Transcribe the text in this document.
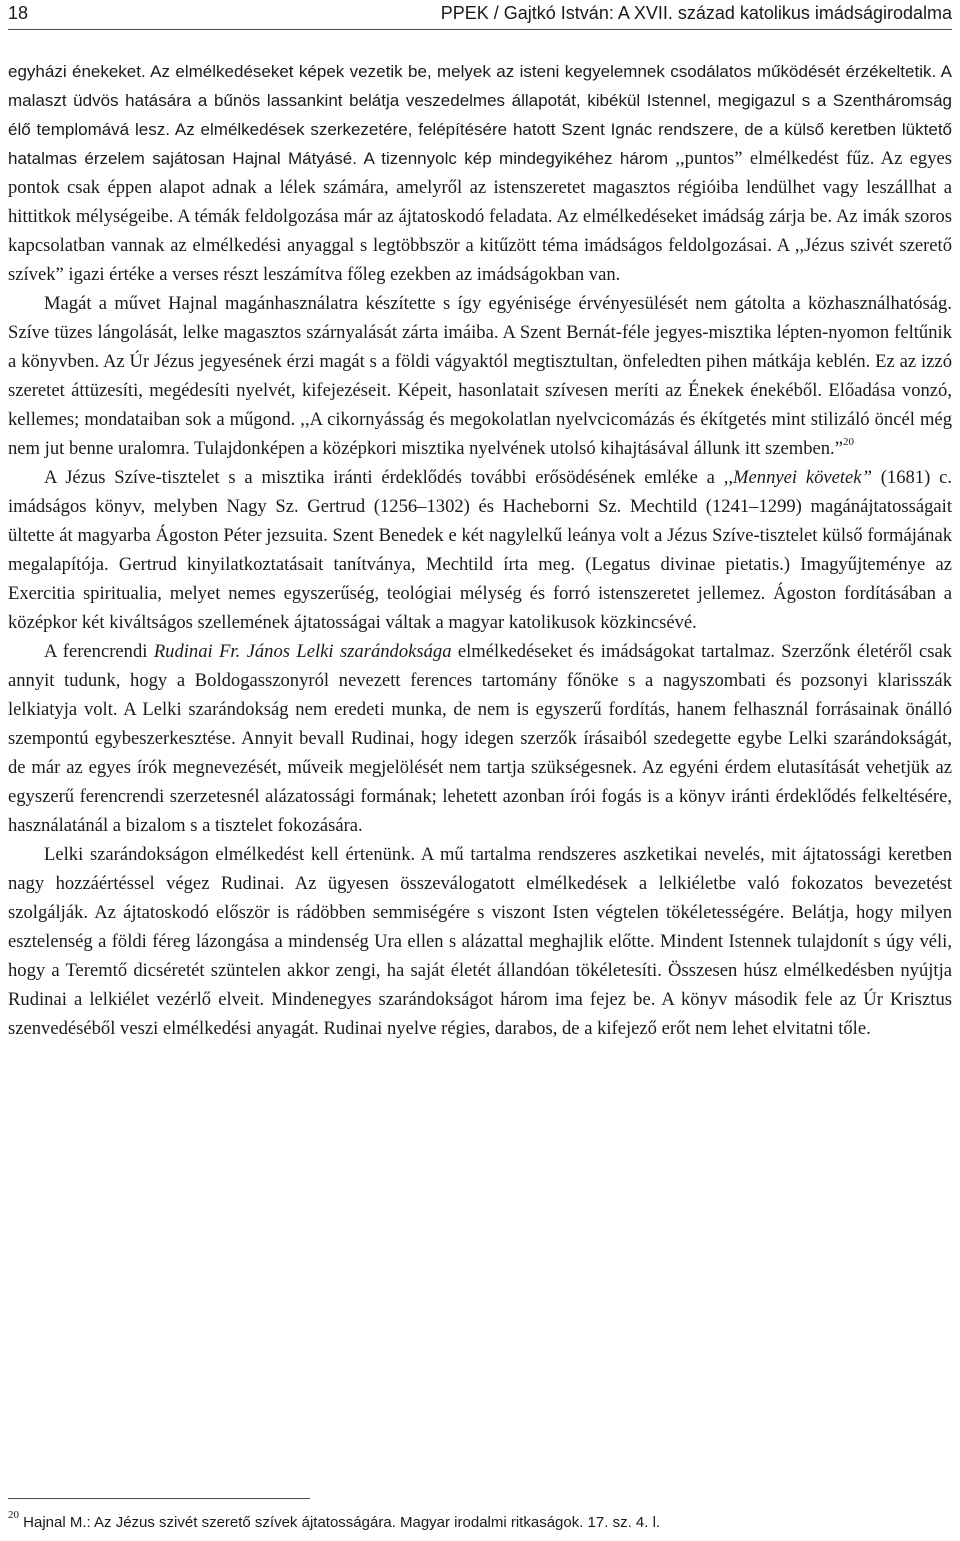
18	PPEK / Gajtkó István: A XVII. század katolikus imádságirodalma

egyházi énekeket. Az elmélkedéseket képek vezetik be, melyek az isteni kegyelemnek csodálatos működését érzékeltetik. A malaszt üdvös hatására a bűnös lassankint belátja veszedelmes állapotát, kibékül Istennel, megigazul s a Szentháromság élő templomává lesz. Az elmélkedések szerkezetére, felépítésére hatott Szent Ignác rendszere, de a külső keretben lüktető hatalmas érzelem sajátosan Hajnal Mátyásé. A tizennyolc kép mindegyikéhez három ,,puntos” elmélkedést fűz. Az egyes pontok csak éppen alapot adnak a lélek számára, amelyről az istenszeretet magasztos régióiba lendülhet vagy leszállhat a hittitkok mélységeibe. A témák feldolgozása már az ájtatoskodó feladata. Az elmélkedéseket imádság zárja be. Az imák szoros kapcsolatban vannak az elmélkedési anyaggal s legtöbbször a kitűzött téma imádságos feldolgozásai. A ,,Jézus szivét szerető szívek” igazi értéke a verses részt leszámítva főleg ezekben az imádságokban van.

Magát a művet Hajnal magánhasználatra készítette s így egyénisége érvényesülését nem gátolta a közhasználhatóság. Szíve tüzes lángolását, lelke magasztos szárnyalását zárta imáiba. A Szent Bernát-féle jegyes-misztika lépten-nyomon feltűnik a könyvben. Az Úr Jézus jegyesének érzi magát s a földi vágyaktól megtisztultan, önfeledten pihen mátkája keblén. Ez az izzó szeretet áttüzesíti, megédesíti nyelvét, kifejezéseit. Képeit, hasonlatait szívesen meríti az Énekek énekéből. Előadása vonzó, kellemes; mondataiban sok a műgond. ,,A cikornyásság és megokolatlan nyelvcicomázás és ékítgetés mint stilizáló öncél még nem jut benne uralomra. Tulajdonképen a középkori misztika nyelvének utolsó kihajtásával állunk itt szemben.”$^{20}$

A Jézus Szíve-tisztelet s a misztika iránti érdeklődés további erősödésének emléke a ,,Mennyei követek” (1681) c. imádságos könyv, melyben Nagy Sz. Gertrud (1256–1302) és Hacheborni Sz. Mechtild (1241–1299) magánájtatosságait ültette át magyarba Ágoston Péter jezsuita. Szent Benedek e két nagylelkű leánya volt a Jézus Szíve-tisztelet külső formájának megalapítója. Gertrud kinyilatkoztatásait tanítványa, Mechtild írta meg. (Legatus divinae pietatis.) Imagyűjteménye az Exercitia spiritualia, melyet nemes egyszerűség, teológiai mélység és forró istenszeretet jellemez. Ágoston fordításában a középkor két kiváltságos szellemének ájtatosságai váltak a magyar katolikusok közkincsévé.

A ferencrendi Rudinai Fr. János Lelki szarándoksága elmélkedéseket és imádságokat tartalmaz. Szerzőnk életéről csak annyit tudunk, hogy a Boldogasszonyról nevezett ferences tartomány főnöke s a nagyszombati és pozsonyi klarisszák lelkiatyja volt. A Lelki szarándokság nem eredeti munka, de nem is egyszerű fordítás, hanem felhasznál forrásainak önálló szempontú egybeszerkesztése. Annyit bevall Rudinai, hogy idegen szerzők írásaiból szedegette egybe Lelki szarándokságát, de már az egyes írók megnevezését, műveik megjelölését nem tartja szükségesnek. Az egyéni érdem elutasítását vehetjük az egyszerű ferencrendi szerzetesnél alázatossági formának; lehetett azonban írói fogás is a könyv iránti érdeklődés felkeltésére, használatánál a bizalom s a tisztelet fokozására.

Lelki szarándokságon elmélkedést kell értenünk. A mű tartalma rendszeres aszketikai nevelés, mit ájtatossági keretben nagy hozzáértéssel végez Rudinai. Az ügyesen összeválogatott elmélkedések a lelkiéletbe való fokozatos bevezetést szolgálják. Az ájtatoskodó először is rádöbben semmiségére s viszont Isten végtelen tökéletességére. Belátja, hogy milyen esztelenség a földi féreg lázongása a mindenség Ura ellen s alázattal meghajlik előtte. Mindent Istennek tulajdonít s úgy véli, hogy a Teremtő dicséretét szüntelen akkor zengi, ha saját életét állandóan tökéletesíti. Összesen húsz elmélkedésben nyújtja Rudinai a lelkiélet vezérlő elveit. Mindenegyes szarándokságot három ima fejez be. A könyv második fele az Úr Krisztus szenvedéséből veszi elmélkedési anyagát. Rudinai nyelve régies, darabos, de a kifejező erőt nem lehet elvitatni tőle.

$^{20}$ Hajnal M.: Az Jézus szivét szerető szívek ájtatosságára. Magyar irodalmi ritkaságok. 17. sz. 4. l.
